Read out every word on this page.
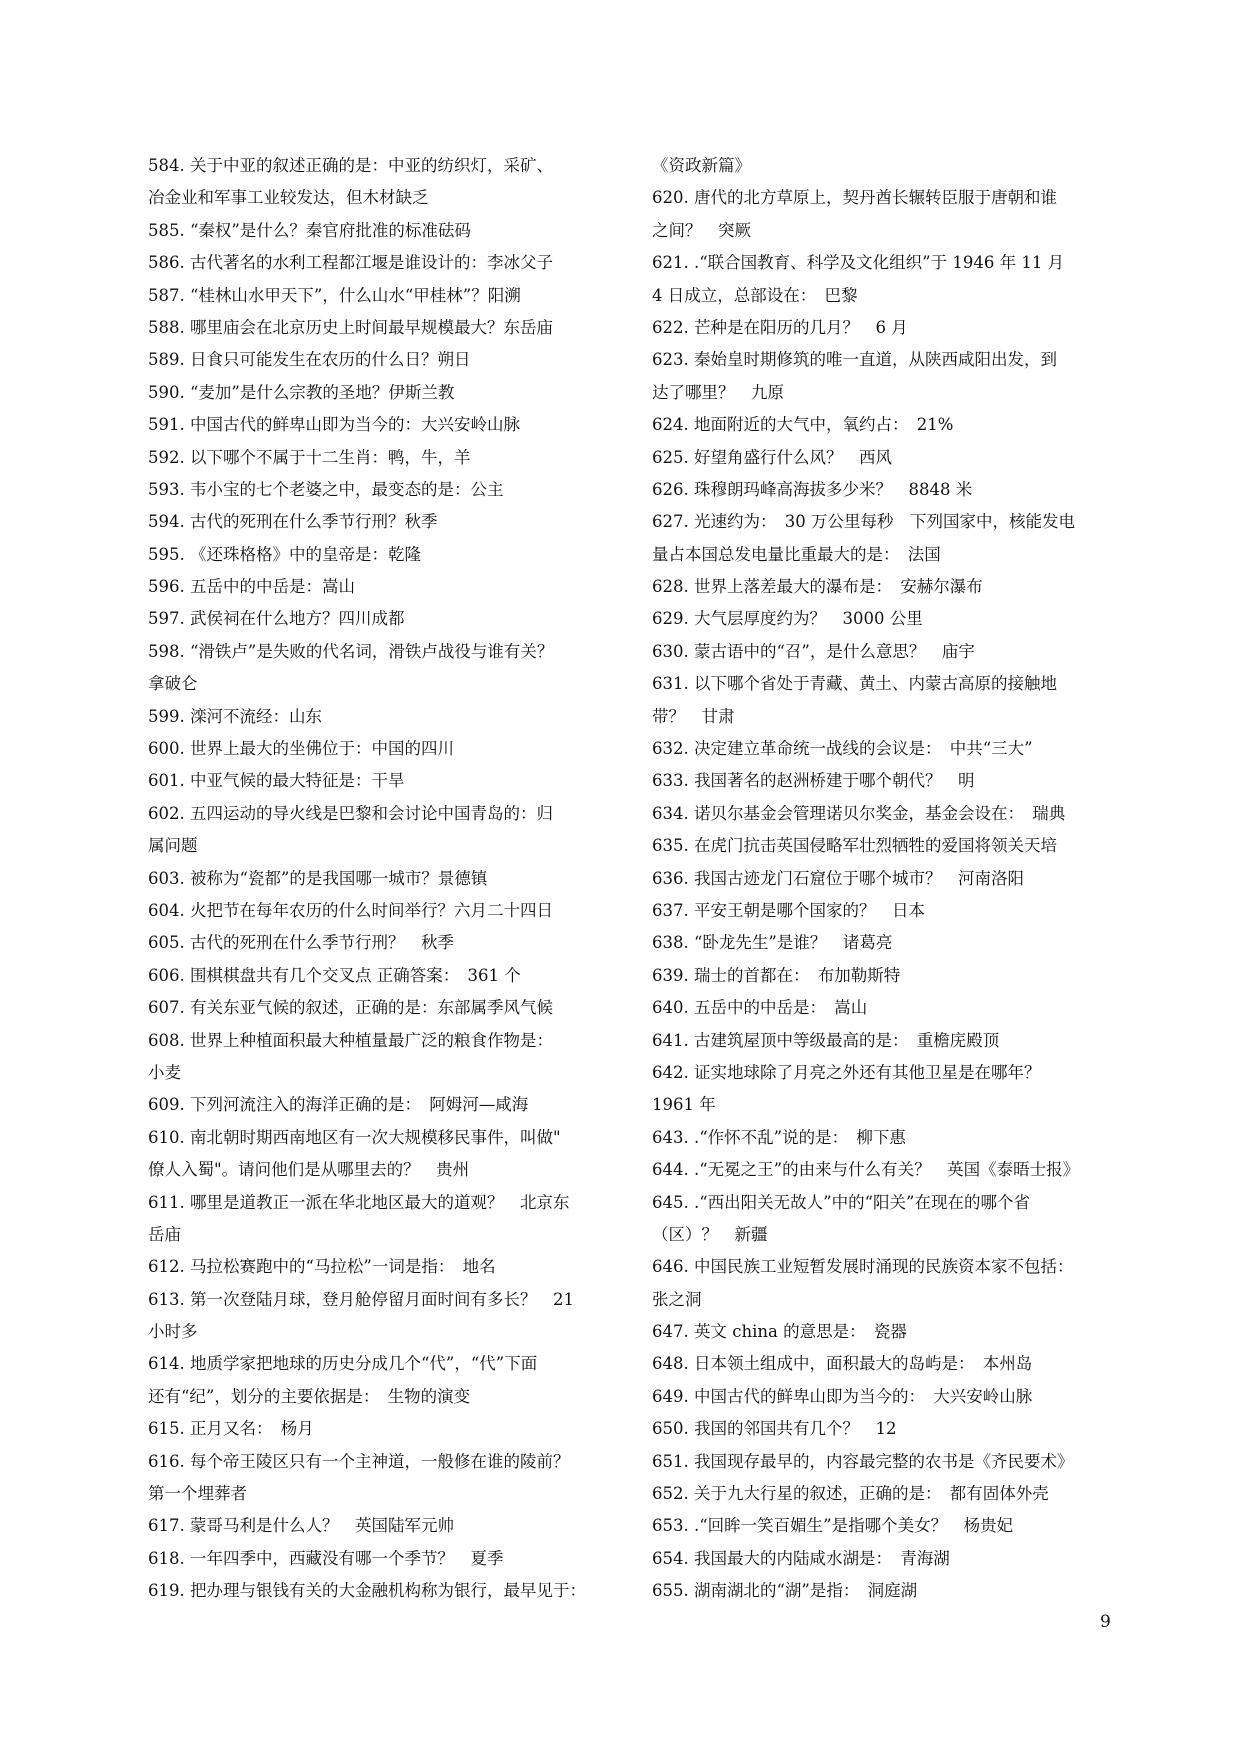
584. 关于中亚的叙述正确的是：中亚的纺织灯，采矿、
冶金业和军事工业较发达，但木材缺乏
585. “秦权”是什么？秦官府批准的标准砝码
586. 古代著名的水利工程都江堰是谁设计的：李冰父子
587. “桂林山水甲天下”，什么山水“甲桂林”？阳溯
588. 哪里庙会在北京历史上时间最早规模最大？东岳庙
589. 日食只可能发生在农历的什么日？朔日
590. “麦加”是什么宗教的圣地？伊斯兰教
591. 中国古代的鲜卑山即为当今的：大兴安岭山脉
592. 以下哪个不属于十二生肖：鸭，牛，羊
593. 韦小宝的七个老婆之中，最变态的是：公主
594. 古代的死刑在什么季节行刑？秋季
595. 《还珠格格》中的皇帝是：乾隆
596. 五岳中的中岳是：嵩山
597. 武侯祠在什么地方？四川成都
598. “滑铁卢”是失败的代名词，滑铁卢战役与谁有关？
拿破仑
599. 滦河不流经：山东
600. 世界上最大的坐佛位于：中国的四川
601. 中亚气候的最大特征是：干旱
602. 五四运动的导火线是巴黎和会讨论中国青岛的：归
属问题
603. 被称为“瓷都”的是我国哪一城市？景德镇
604. 火把节在每年农历的什么时间举行？六月二十四日
605. 古代的死刑在什么季节行刑？　秋季
606. 围棋棋盘共有几个交叉点 正确答案：　361 个
607. 有关东亚气候的叙述，正确的是：东部属季风气候
608. 世界上种植面积最大种植量最广泛的粮食作物是：
小麦
609. 下列河流注入的海洋正确的是：　阿姆河—咸海
610. 南北朝时期西南地区有一次大规模移民事件，叫做"
僚人入蜀"。请问他们是从哪里去的？　贵州
611. 哪里是道教正一派在华北地区最大的道观？　北京东
岳庙
612. 马拉松赛跑中的“马拉松”一词是指：　地名
613. 第一次登陆月球，登月舱停留月面时间有多长？　21
小时多
614. 地质学家把地球的历史分成几个“代”，“代”下面
还有“纪”，划分的主要依据是：　生物的演变
615. 正月又名：　杨月
616. 每个帝王陵区只有一个主神道，一般修在谁的陵前？
第一个埋葬者
617. 蒙哥马利是什么人？　英国陆军元帅
618. 一年四季中，西藏没有哪一个季节？　夏季
619. 把办理与银钱有关的大金融机构称为银行，最早见于：
《资政新篇》
620. 唐代的北方草原上，契丹酋长辗转臣服于唐朝和谁
之间？　突厥
621. .“联合国教育、科学及文化组织”于 1946 年 11 月
4 日成立，总部设在：　巴黎
622. 芒种是在阳历的几月？　6 月
623. 秦始皇时期修筑的唯一直道，从陕西咸阳出发，到
达了哪里？　九原
624. 地面附近的大气中，氧约占：　21%
625. 好望角盛行什么风？　西风
626. 珠穆朗玛峰高海拔多少米？　8848 米
627. 光速约为：　30 万公里每秒　下列国家中，核能发电
量占本国总发电量比重最大的是：　法国
628. 世界上落差最大的瀑布是：　安赫尔瀑布
629. 大气层厚度约为？　3000 公里
630. 蒙古语中的“召”，是什么意思？　庙宇
631. 以下哪个省处于青藏、黄土、内蒙古高原的接触地
带？　甘肃
632. 决定建立革命统一战线的会议是：　中共“三大”
633. 我国著名的赵洲桥建于哪个朝代？　明
634. 诺贝尔基金会管理诺贝尔奖金，基金会设在：　瑞典
635. 在虎门抗击英国侵略军壮烈牺牲的爱国将领关天培
636. 我国古迹龙门石窟位于哪个城市？　河南洛阳
637. 平安王朝是哪个国家的？　日本
638. “卧龙先生”是谁？　诸葛亮
639. 瑞士的首都在：　布加勒斯特
640. 五岳中的中岳是：　嵩山
641. 古建筑屋顶中等级最高的是：　重檐庑殿顶
642. 证实地球除了月亮之外还有其他卫星是在哪年？
1961 年
643. .“作怀不乱”说的是：　柳下惠
644. .“无冕之王”的由来与什么有关？　英国《泰晤士报》
645. .“西出阳关无故人”中的“阳关”在现在的哪个省
（区）？　新疆
646. 中国民族工业短暂发展时涌现的民族资本家不包括：
张之洞
647. 英文 china 的意思是：　瓷器
648. 日本领土组成中，面积最大的岛屿是：　本州岛
649. 中国古代的鲜卑山即为当今的：　大兴安岭山脉
650. 我国的邻国共有几个？　12
651. 我国现存最早的，内容最完整的农书是《齐民要术》
652. 关于九大行星的叙述，正确的是：　都有固体外壳
653. .“回眸一笑百媚生”是指哪个美女？　杨贵妃
654. 我国最大的内陆咸水湖是：　青海湖
655. 湖南湖北的“湖”是指：　洞庭湖
9
